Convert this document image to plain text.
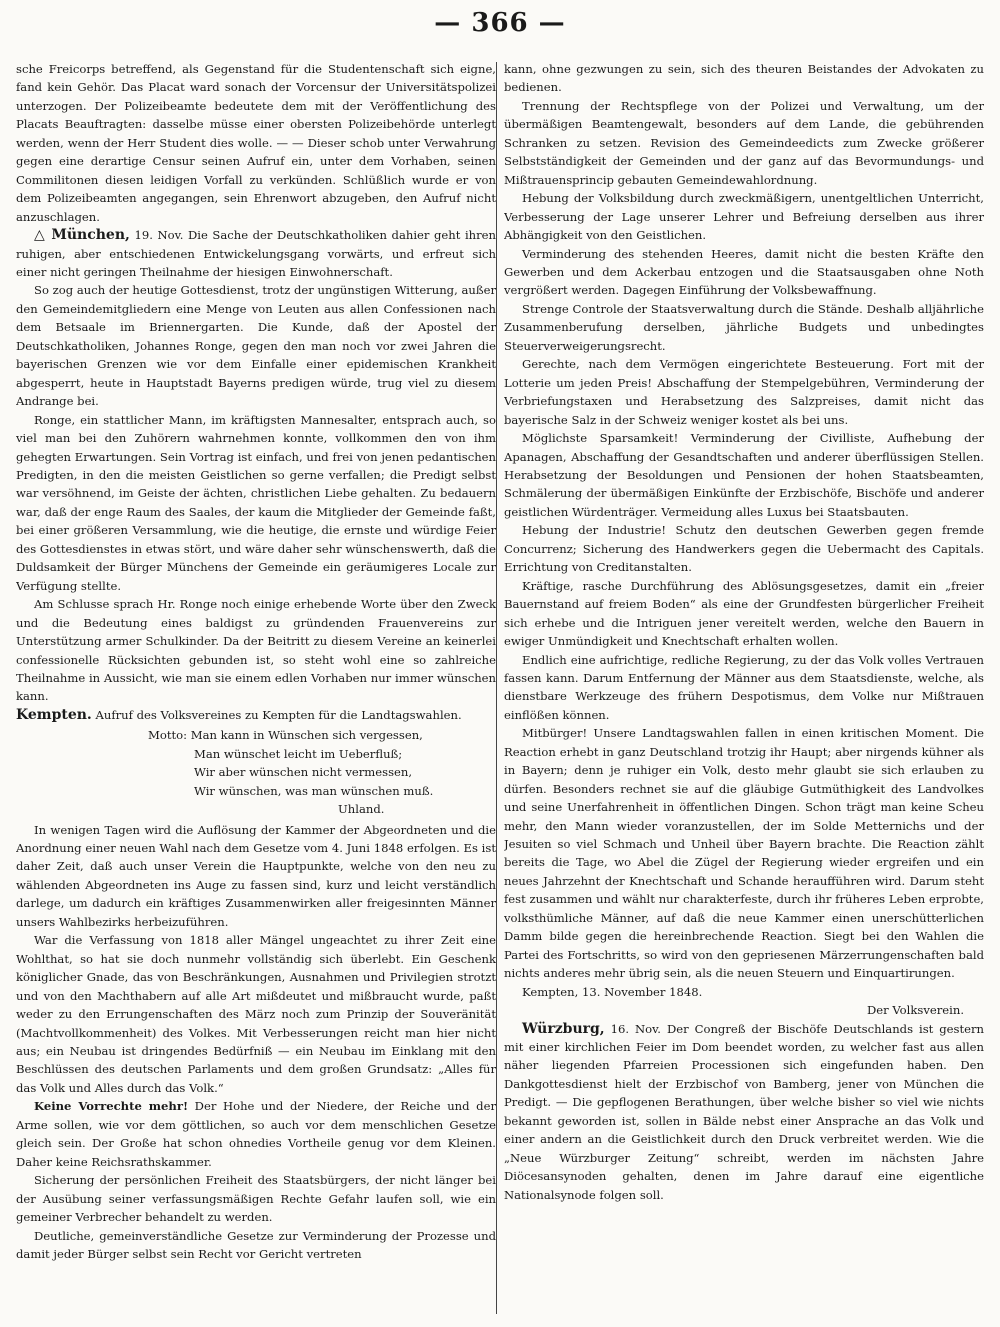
— 366 —

sche Freicorps betreffend, als Gegenstand für die Studentenschaft sich eigne, fand kein Gehör. Das Placat ward sonach der Vorcensur der Universitätspolizei unterzogen. Der Polizeibeamte bedeutete dem mit der Veröffentlichung des Placats Beauftragten: dasselbe müsse einer obersten Polizeibehörde unterlegt werden, wenn der Herr Student dies wolle. — — Dieser schob unter Verwahrung gegen eine derartige Censur seinen Aufruf ein, unter dem Vorhaben, seinen Commilitonen diesen leidigen Vorfall zu verkünden. Schlüßlich wurde er von dem Polizeibeamten angegangen, sein Ehrenwort abzugeben, den Aufruf nicht anzuschlagen.

△ München, 19. Nov. Die Sache der Deutschkatholiken dahier geht ihren ruhigen, aber entschiedenen Entwickelungsgang vorwärts, und erfreut sich einer nicht geringen Theilnahme der hiesigen Einwohnerschaft.

So zog auch der heutige Gottesdienst, trotz der ungünstigen Witterung, außer den Gemeindemitgliedern eine Menge von Leuten aus allen Confessionen nach dem Betsaale im Briennergarten. Die Kunde, daß der Apostel der Deutschkatholiken, Johannes Ronge, gegen den man noch vor zwei Jahren die bayerischen Grenzen wie vor dem Einfalle einer epidemischen Krankheit abgesperrt, heute in Hauptstadt Bayerns predigen würde, trug viel zu diesem Andrange bei.

Ronge, ein stattlicher Mann, im kräftigsten Mannesalter, entsprach auch, so viel man bei den Zuhörern wahrnehmen konnte, vollkommen den von ihm gehegten Erwartungen. Sein Vortrag ist einfach, und frei von jenen pedantischen Predigten, in den die meisten Geistlichen so gerne verfallen; die Predigt selbst war versöhnend, im Geiste der ächten, christlichen Liebe gehalten. Zu bedauern war, daß der enge Raum des Saales, der kaum die Mitglieder der Gemeinde faßt, bei einer größeren Versammlung, wie die heutige, die ernste und würdige Feier des Gottesdienstes in etwas stört, und wäre daher sehr wünschenswerth, daß die Duldsamkeit der Bürger Münchens der Gemeinde ein geräumigeres Locale zur Verfügung stellte.

Am Schlusse sprach Hr. Ronge noch einige erhebende Worte über den Zweck und die Bedeutung eines baldigst zu gründenden Frauenvereins zur Unterstützung armer Schulkinder. Da der Beitritt zu diesem Vereine an keinerlei confessionelle Rücksichten gebunden ist, so steht wohl eine so zahlreiche Theilnahme in Aussicht, wie man sie einem edlen Vorhaben nur immer wünschen kann.

Kempten. Aufruf des Volksvereines zu Kempten für die Landtagswahlen.

Motto: Man kann in Wünschen sich vergessen,
Man wünschet leicht im Ueberfluß;
Wir aber wünschen nicht vermessen,
Wir wünschen, was man wünschen muß.
Uhland.

In wenigen Tagen wird die Auflösung der Kammer der Abgeordneten und die Anordnung einer neuen Wahl nach dem Gesetze vom 4. Juni 1848 erfolgen. Es ist daher Zeit, daß auch unser Verein die Hauptpunkte, welche von den neu zu wählenden Abgeordneten ins Auge zu fassen sind, kurz und leicht verständlich darlege, um dadurch ein kräftiges Zusammenwirken aller freigesinnten Männer unsers Wahlbezirks herbeizuführen.

War die Verfassung von 1818 aller Mängel ungeachtet zu ihrer Zeit eine Wohlthat, so hat sie doch nunmehr vollständig sich überlebt. Ein Geschenk königlicher Gnade, das von Beschränkungen, Ausnahmen und Privilegien strotzt und von den Machthabern auf alle Art mißdeutet und mißbraucht wurde, paßt weder zu den Errungenschaften des März noch zum Prinzip der Souveränität (Machtvollkommenheit) des Volkes. Mit Verbesserungen reicht man hier nicht aus; ein Neubau ist dringendes Bedürfniß — ein Neubau im Einklang mit den Beschlüssen des deutschen Parlaments und dem großen Grundsatz: „Alles für das Volk und Alles durch das Volk.“

Keine Vorrechte mehr! Der Hohe und der Niedere, der Reiche und der Arme sollen, wie vor dem göttlichen, so auch vor dem menschlichen Gesetze gleich sein. Der Große hat schon ohnedies Vortheile genug vor dem Kleinen. Daher keine Reichsrathskammer.

Sicherung der persönlichen Freiheit des Staatsbürgers, der nicht länger bei der Ausübung seiner verfassungsmäßigen Rechte Gefahr laufen soll, wie ein gemeiner Verbrecher behandelt zu werden.

Deutliche, gemeinverständliche Gesetze zur Verminderung der Prozesse und damit jeder Bürger selbst sein Recht vor Gericht vertreten

kann, ohne gezwungen zu sein, sich des theuren Beistandes der Advokaten zu bedienen.

Trennung der Rechtspflege von der Polizei und Verwaltung, um der übermäßigen Beamtengewalt, besonders auf dem Lande, die gebührenden Schranken zu setzen. Revision des Gemeindeedicts zum Zwecke größerer Selbstständigkeit der Gemeinden und der ganz auf das Bevormundungs- und Mißtrauensprincip gebauten Gemeindewahlordnung.

Hebung der Volksbildung durch zweckmäßigern, unentgeltlichen Unterricht, Verbesserung der Lage unserer Lehrer und Befreiung derselben aus ihrer Abhängigkeit von den Geistlichen.

Verminderung des stehenden Heeres, damit nicht die besten Kräfte den Gewerben und dem Ackerbau entzogen und die Staatsausgaben ohne Noth vergrößert werden. Dagegen Einführung der Volksbewaffnung.

Strenge Controle der Staatsverwaltung durch die Stände. Deshalb alljährliche Zusammenberufung derselben, jährliche Budgets und unbedingtes Steuerverweigerungsrecht.

Gerechte, nach dem Vermögen eingerichtete Besteuerung. Fort mit der Lotterie um jeden Preis! Abschaffung der Stempelgebühren, Verminderung der Verbriefungstaxen und Herabsetzung des Salzpreises, damit nicht das bayerische Salz in der Schweiz weniger kostet als bei uns.

Möglichste Sparsamkeit! Verminderung der Civilliste, Aufhebung der Apanagen, Abschaffung der Gesandtschaften und anderer überflüssigen Stellen. Herabsetzung der Besoldungen und Pensionen der hohen Staatsbeamten, Schmälerung der übermäßigen Einkünfte der Erzbischöfe, Bischöfe und anderer geistlichen Würdenträger. Vermeidung alles Luxus bei Staatsbauten.

Hebung der Industrie! Schutz den deutschen Gewerben gegen fremde Concurrenz; Sicherung des Handwerkers gegen die Uebermacht des Capitals. Errichtung von Creditanstalten.

Kräftige, rasche Durchführung des Ablösungsgesetzes, damit ein „freier Bauernstand auf freiem Boden“ als eine der Grundfesten bürgerlicher Freiheit sich erhebe und die Intriguen jener vereitelt werden, welche den Bauern in ewiger Unmündigkeit und Knechtschaft erhalten wollen.

Endlich eine aufrichtige, redliche Regierung, zu der das Volk volles Vertrauen fassen kann. Darum Entfernung der Männer aus dem Staatsdienste, welche, als dienstbare Werkzeuge des frühern Despotismus, dem Volke nur Mißtrauen einflößen können.

Mitbürger! Unsere Landtagswahlen fallen in einen kritischen Moment. Die Reaction erhebt in ganz Deutschland trotzig ihr Haupt; aber nirgends kühner als in Bayern; denn je ruhiger ein Volk, desto mehr glaubt sie sich erlauben zu dürfen. Besonders rechnet sie auf die gläubige Gutmüthigkeit des Landvolkes und seine Unerfahrenheit in öffentlichen Dingen. Schon trägt man keine Scheu mehr, den Mann wieder voranzustellen, der im Solde Metternichs und der Jesuiten so viel Schmach und Unheil über Bayern brachte. Die Reaction zählt bereits die Tage, wo Abel die Zügel der Regierung wieder ergreifen und ein neues Jahrzehnt der Knechtschaft und Schande heraufführen wird. Darum steht fest zusammen und wählt nur charakterfeste, durch ihr früheres Leben erprobte, volksthümliche Männer, auf daß die neue Kammer einen unerschütterlichen Damm bilde gegen die hereinbrechende Reaction. Siegt bei den Wahlen die Partei des Fortschritts, so wird von den gepriesenen Märzerrungenschaften bald nichts anderes mehr übrig sein, als die neuen Steuern und Einquartirungen.

Kempten, 13. November 1848.

Der Volksverein.

Würzburg, 16. Nov. Der Congreß der Bischöfe Deutschlands ist gestern mit einer kirchlichen Feier im Dom beendet worden, zu welcher fast aus allen näher liegenden Pfarreien Processionen sich eingefunden haben. Den Dankgottesdienst hielt der Erzbischof von Bamberg, jener von München die Predigt. — Die gepflogenen Berathungen, über welche bisher so viel wie nichts bekannt geworden ist, sollen in Bälde nebst einer Ansprache an das Volk und einer andern an die Geistlichkeit durch den Druck verbreitet werden. Wie die „Neue Würzburger Zeitung“ schreibt, werden im nächsten Jahre Diöcesansynoden gehalten, denen im Jahre darauf eine eigentliche Nationalsynode folgen soll.
